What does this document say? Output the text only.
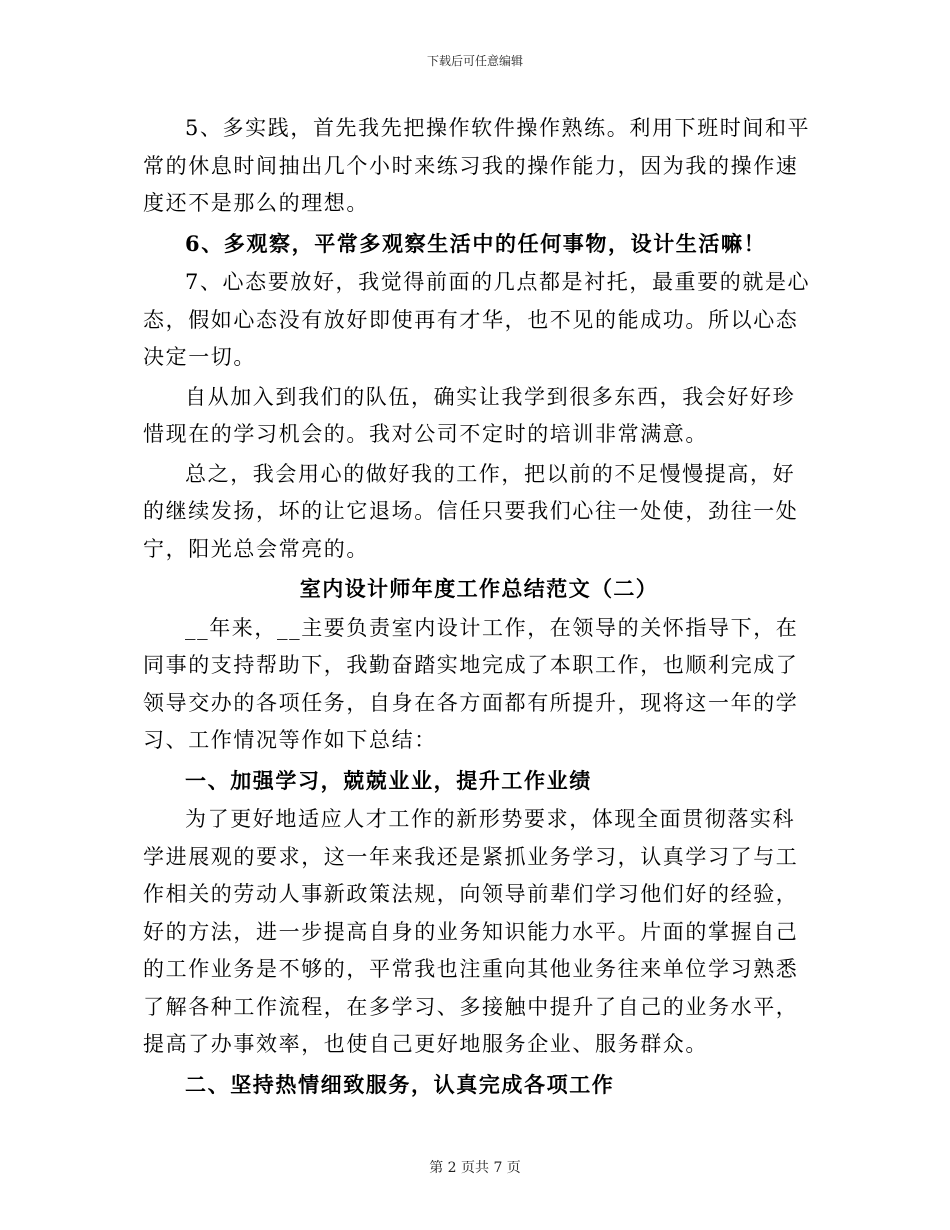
下载后可任意编辑

5、多实践，首先我先把操作软件操作熟练。利用下班时间和平常的休息时间抽出几个小时来练习我的操作能力，因为我的操作速度还不是那么的理想。

6、多观察，平常多观察生活中的任何事物，设计生活嘛！

7、心态要放好，我觉得前面的几点都是衬托，最重要的就是心态，假如心态没有放好即使再有才华，也不见的能成功。所以心态决定一切。

自从加入到我们的队伍，确实让我学到很多东西，我会好好珍惜现在的学习机会的。我对公司不定时的培训非常满意。

总之，我会用心的做好我的工作，把以前的不足慢慢提高，好的继续发扬，坏的让它退场。信任只要我们心往一处使，劲往一处宁，阳光总会常亮的。

室内设计师年度工作总结范文（二）

__年来，__主要负责室内设计工作，在领导的关怀指导下，在同事的支持帮助下，我勤奋踏实地完成了本职工作，也顺利完成了领导交办的各项任务，自身在各方面都有所提升，现将这一年的学习、工作情况等作如下总结：

一、加强学习，兢兢业业，提升工作业绩

为了更好地适应人才工作的新形势要求，体现全面贯彻落实科学进展观的要求，这一年来我还是紧抓业务学习，认真学习了与工作相关的劳动人事新政策法规，向领导前辈们学习他们好的经验，好的方法，进一步提高自身的业务知识能力水平。片面的掌握自己的工作业务是不够的，平常我也注重向其他业务往来单位学习熟悉了解各种工作流程，在多学习、多接触中提升了自己的业务水平，提高了办事效率，也使自己更好地服务企业、服务群众。

二、坚持热情细致服务，认真完成各项工作

第 2 页共 7 页
